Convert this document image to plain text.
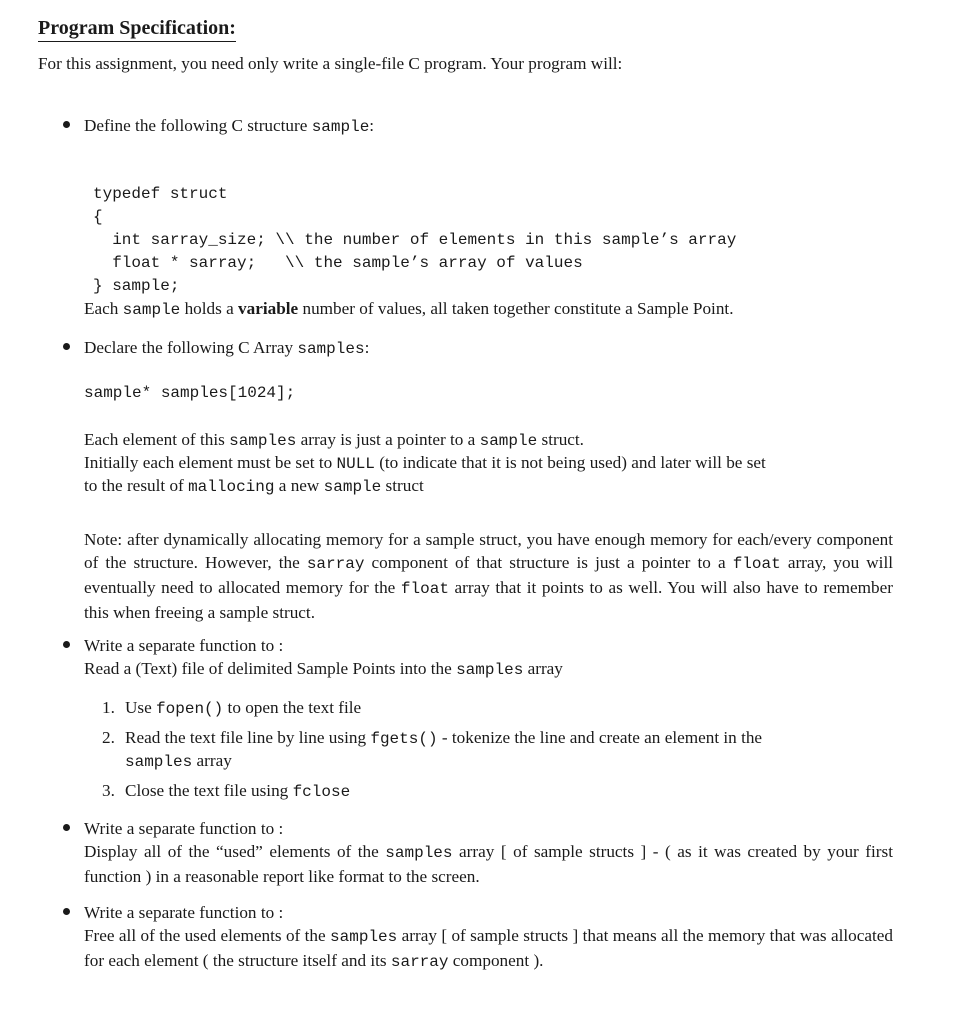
Program Specification:
For this assignment, you need only write a single-file C program. Your program will:
Define the following C structure sample:

typedef struct
{
int sarray_size; \\ the number of elements in this sample’s array
float * sarray;   \\ the sample’s array of values
} sample;

Each sample holds a variable number of values, all taken together constitute a Sample Point.
Declare the following C Array samples:
sample* samples[1024];
Each element of this samples array is just a pointer to a sample struct.
Initially each element must be set to NULL (to indicate that it is not being used) and later will be set
to the result of mallocing a new sample struct
Note: after dynamically allocating memory for a sample struct, you have enough memory for each/every component of the structure. However, the sarray component of that structure is just a pointer to a float array, you will eventually need to allocated memory for the float array that it points to as well. You will also have to remember this when freeing a sample struct.
Write a separate function to :
Read a (Text) file of delimited Sample Points into the samples array
1. Use fopen() to open the text file
2. Read the text file line by line using fgets() - tokenize the line and create an element in the
samples array
3. Close the text file using fclose
Write a separate function to :
Display all of the “used” elements of the samples array [ of sample structs ] - ( as it was created by your first function ) in a reasonable report like format to the screen.
Write a separate function to :
Free all of the used elements of the samples array [ of sample structs ] that means all the memory that was allocated for each element ( the structure itself and its sarray component ).
